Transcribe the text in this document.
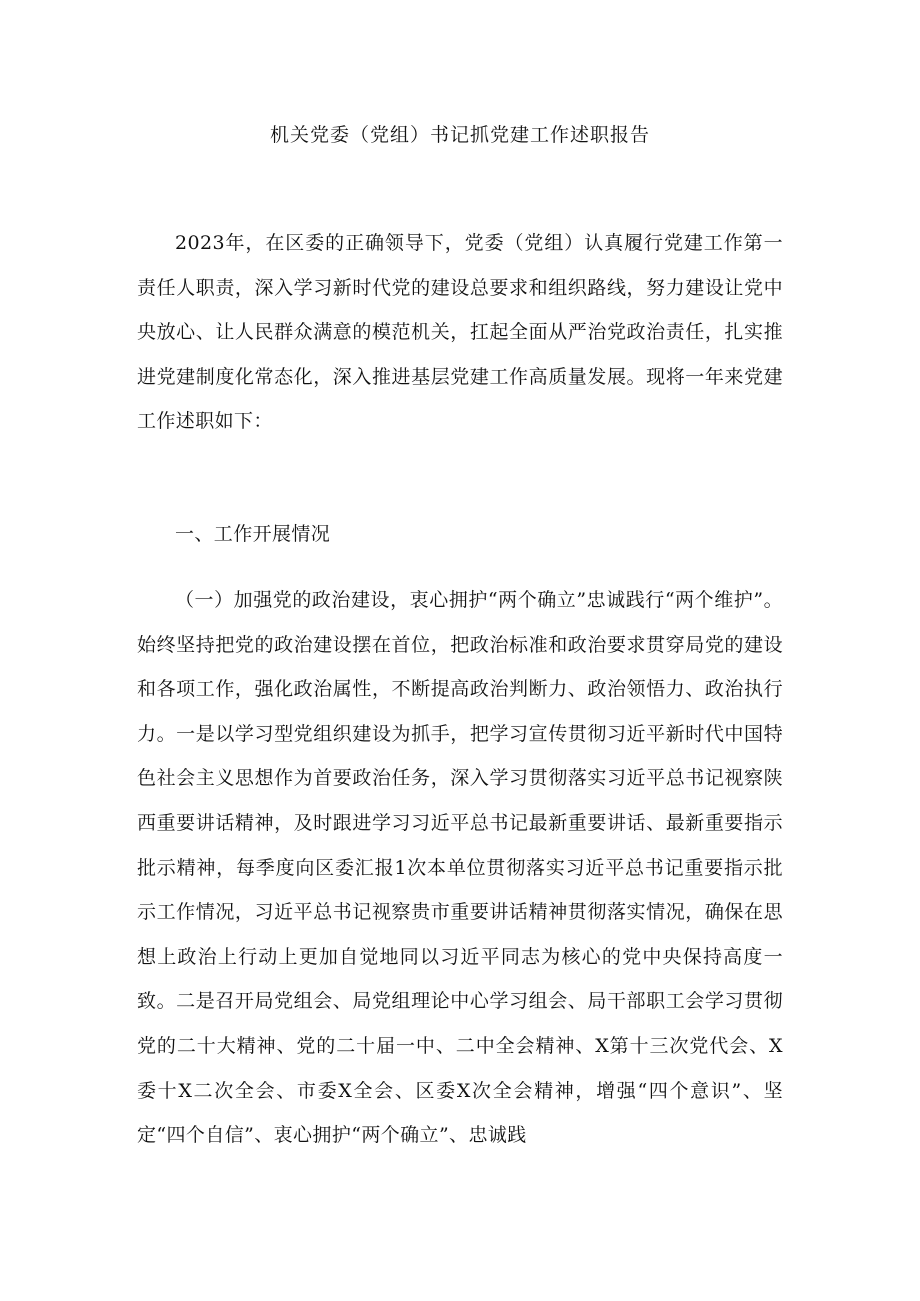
机关党委（党组）书记抓党建工作述职报告

2023年，在区委的正确领导下，党委（党组）认真履行党建工作第一责任人职责，深入学习新时代党的建设总要求和组织路线，努力建设让党中央放心、让人民群众满意的模范机关，扛起全面从严治党政治责任，扎实推进党建制度化常态化，深入推进基层党建工作高质量发展。现将一年来党建工作述职如下：

一、工作开展情况

（一）加强党的政治建设，衷心拥护“两个确立”忠诚践行“两个维护”。始终坚持把党的政治建设摆在首位，把政治标准和政治要求贯穿局党的建设和各项工作，强化政治属性，不断提高政治判断力、政治领悟力、政治执行力。一是以学习型党组织建设为抓手，把学习宣传贯彻习近平新时代中国特色社会主义思想作为首要政治任务，深入学习贯彻落实习近平总书记视察陕西重要讲话精神，及时跟进学习习近平总书记最新重要讲话、最新重要指示批示精神，每季度向区委汇报1次本单位贯彻落实习近平总书记重要指示批示工作情况，习近平总书记视察贵市重要讲话精神贯彻落实情况，确保在思想上政治上行动上更加自觉地同以习近平同志为核心的党中央保持高度一致。二是召开局党组会、局党组理论中心学习组会、局干部职工会学习贯彻党的二十大精神、党的二十届一中、二中全会精神、X第十三次党代会、X委十X二次全会、市委X全会、区委X次全会精神，增强“四个意识”、坚定“四个自信”、衷心拥护“两个确立”、忠诚践
